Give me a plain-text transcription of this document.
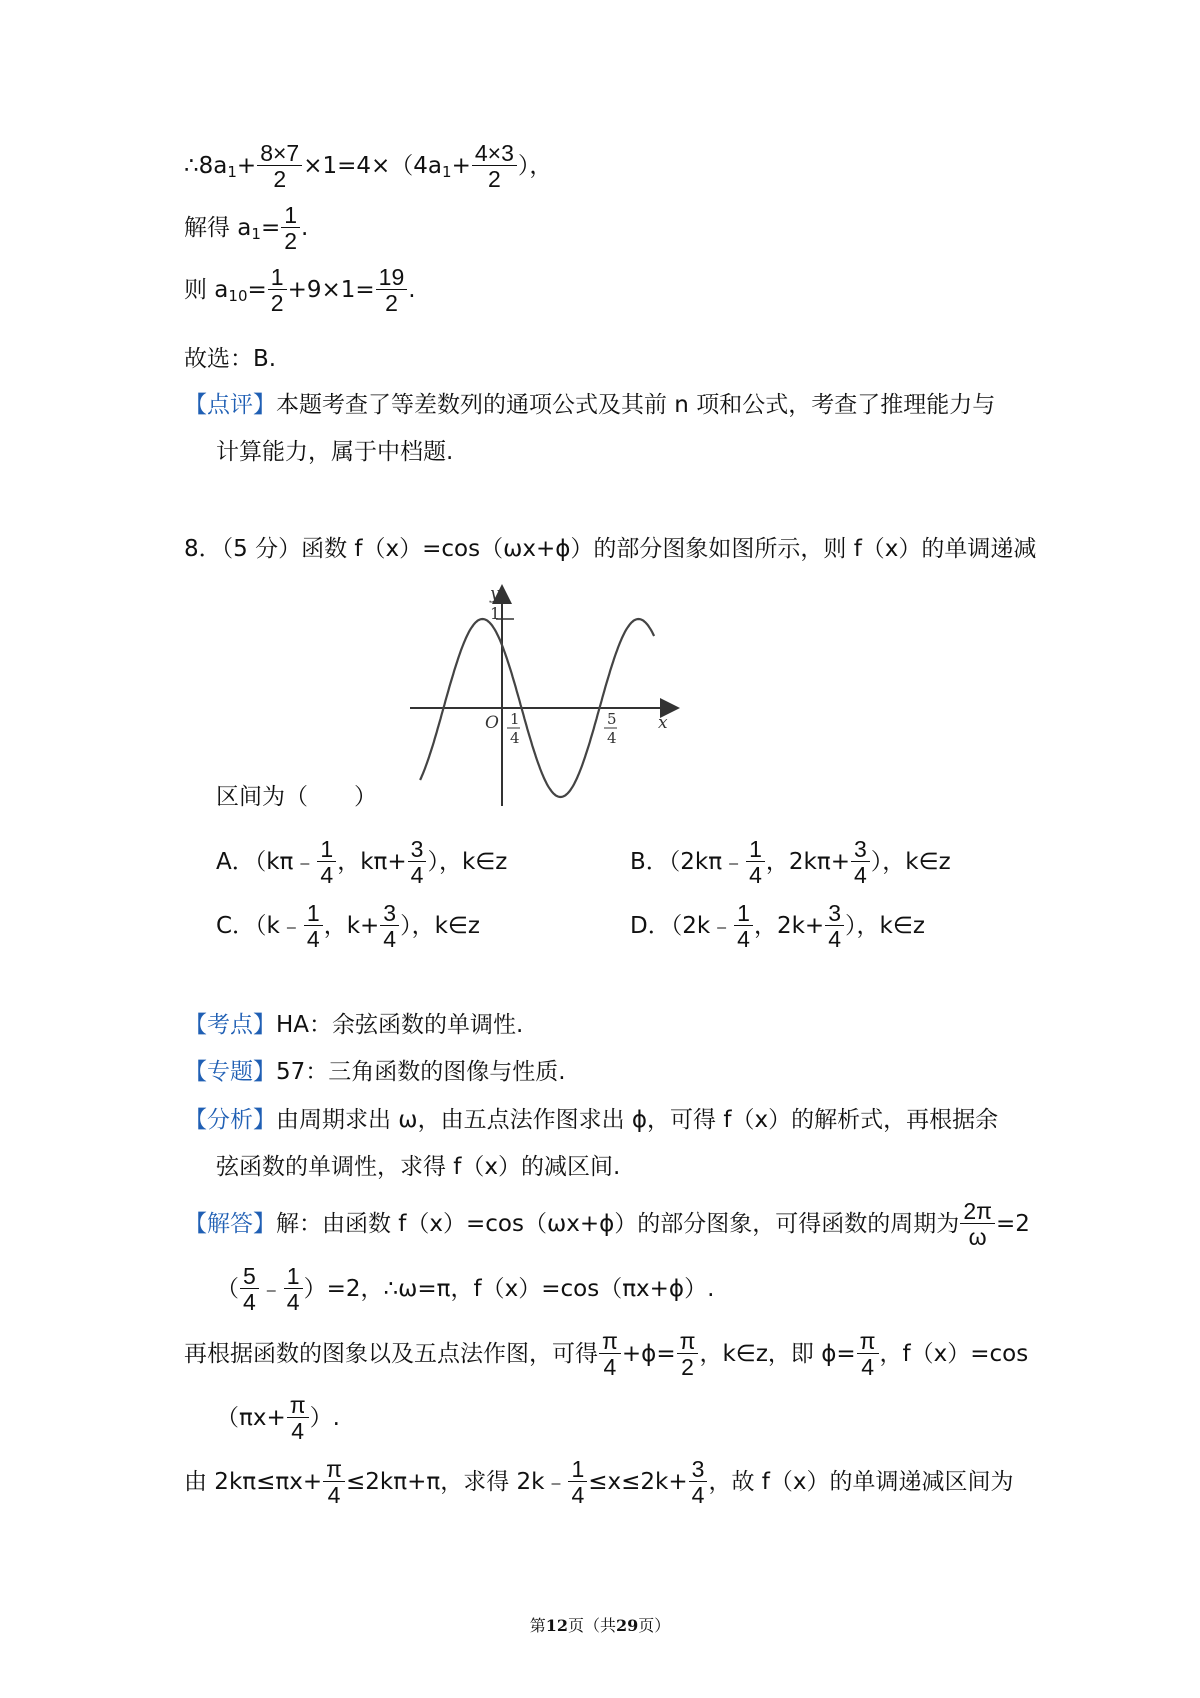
$\therefore 8a_1+ \frac{8\times 7}{2} \times 1=4\times(4a_1+ \frac{4\times 3}{2}$ ），
解得 $a_1= \frac{1}{2}$ .
则 $a_{10}= \frac{1}{2} +9\times 1= \frac{19}{2}$ .
故选：B.
【点评】本题考查了等差数列的通项公式及其前 n 项和公式，考查了推理能力与
计算能力，属于中档题.
8．（5 分）函数 f（x）=cos（ωx+ϕ）的部分图象如图所示，则 f（x）的单调递减
y
1
x
O 1
4
5
4
区间为（　　）
A．（kπ﹣ $\frac{1}{4}$ ，$k\pi+ \frac{3}{4}$ ），k∈z	B．（2kπ﹣ $\frac{1}{4}$ ，$2k\pi+ \frac{3}{4}$ ），k∈z
C．（k﹣ $\frac{1}{4}$ ，$k+ \frac{3}{4}$ ），k∈z	D．（2k﹣ $\frac{1}{4}$ ，$2k+ \frac{3}{4}$ ），k∈z
【考点】HA：余弦函数的单调性.
【专题】57：三角函数的图像与性质.
【分析】由周期求出 ω，由五点法作图求出 ϕ，可得 f（x）的解析式，再根据余
弦函数的单调性，求得 f（x）的减区间.
【解答】解：由函数 f（x）=cos（ωx+ϕ）的部分图象，可得函数的周期为 $\frac{2\pi}{\omega} =2$
（ $\frac{5}{4}$ ﹣ $\frac{1}{4} )=2$，∴ω=π，f（x）=cos（πx+ϕ）.
再根据函数的图象以及五点法作图，可得 $\frac{\pi}{4} +\phi= \frac{\pi}{2}$ ，k∈z，即 $\phi= \frac{\pi}{4}$ ，f（x）=cos
（$\pi x+ \frac{\pi}{4}$ ）.
由 $2k\pi\le\pi x+ \frac{\pi}{4} \le 2k\pi+\pi$，求得 2k﹣ $\frac{1}{4} \le x\le 2k+ \frac{3}{4}$ ，故 f（x）的单调递减区间为
第12页（共29页）
